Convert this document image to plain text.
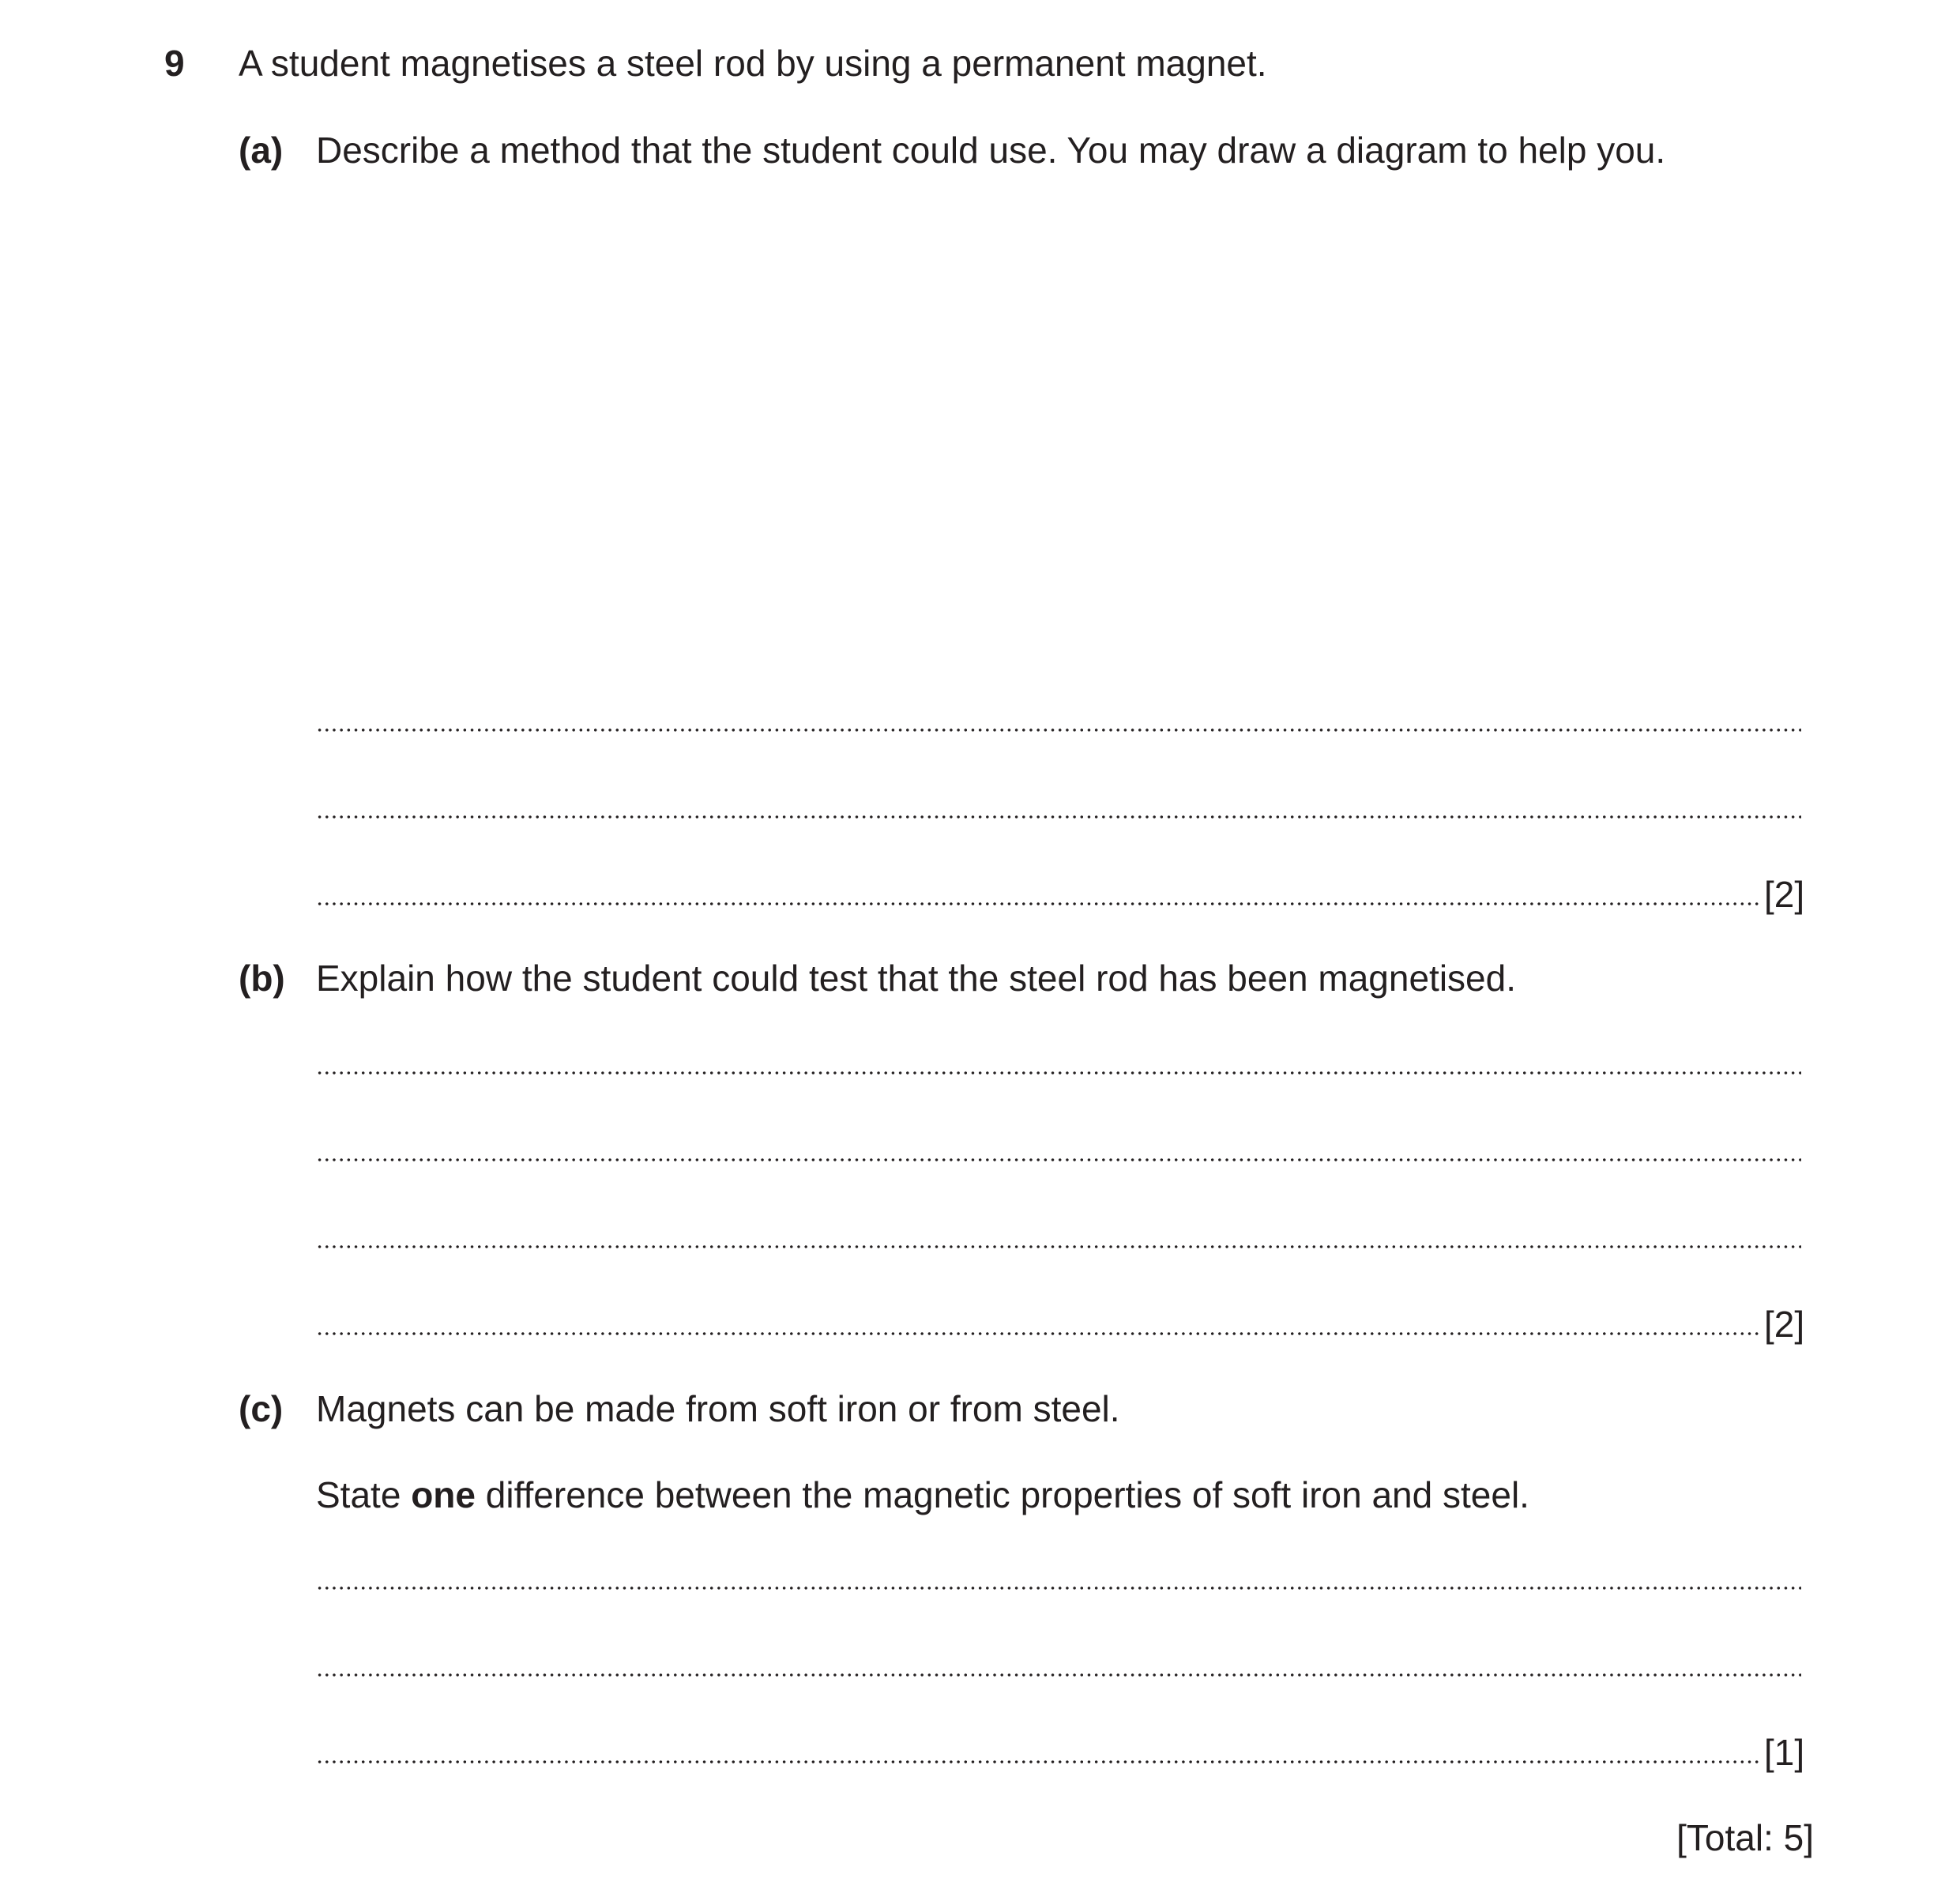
9 A student magnetises a steel rod by using a permanent magnet.
(a) Describe a method that the student could use. You may draw a diagram to help you.
[2]
(b) Explain how the student could test that the steel rod has been magnetised.
[2]
(c) Magnets can be made from soft iron or from steel.
State one difference between the magnetic properties of soft iron and steel.
[1]
[Total: 5]
